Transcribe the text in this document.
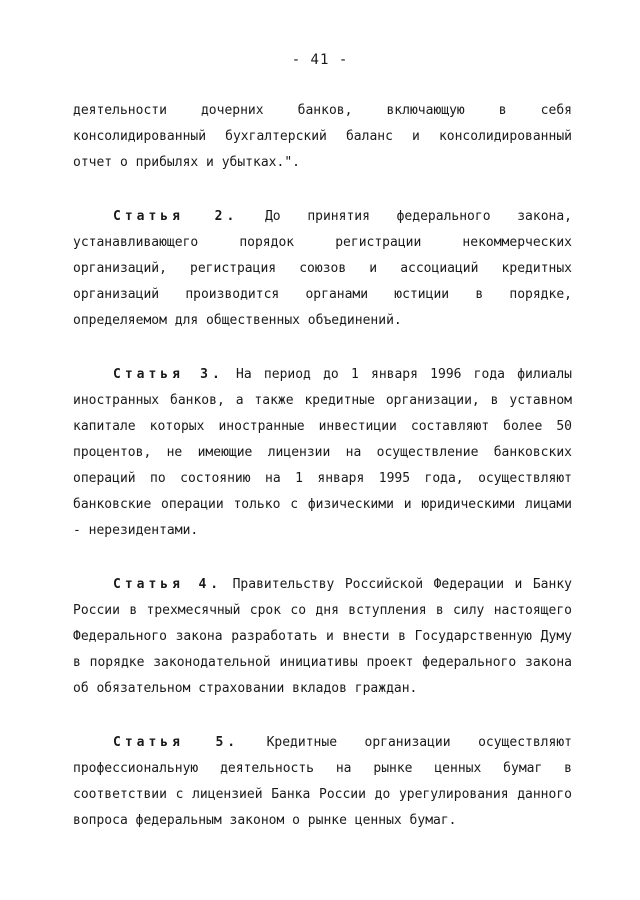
- 41 -

деятельности дочерних банков, включающую в себя консолидированный бухгалтерский баланс и консолидированный отчет о прибылях и убытках.".

Статья 2. До принятия федерального закона, устанавливающего порядок регистрации некоммерческих организаций, регистрация союзов и ассоциаций кредитных организаций производится органами юстиции в порядке, определяемом для общественных объединений.

Статья 3. На период до 1 января 1996 года филиалы иностранных банков, а также кредитные организации, в уставном капитале которых иностранные инвестиции составляют более 50 процентов, не имеющие лицензии на осуществление банковских операций по состоянию на 1 января 1995 года, осуществляют банковские операции только с физическими и юридическими лицами - нерезидентами.

Статья 4. Правительству Российской Федерации и Банку России в трехмесячный срок со дня вступления в силу настоящего Федерального закона разработать и внести в Государственную Думу в порядке законодательной инициативы проект федерального закона об обязательном страховании вкладов граждан.

Статья 5. Кредитные организации осуществляют профессиональную деятельность на рынке ценных бумаг в соответствии с лицензией Банка России до урегулирования данного вопроса федеральным законом о рынке ценных бумаг.
